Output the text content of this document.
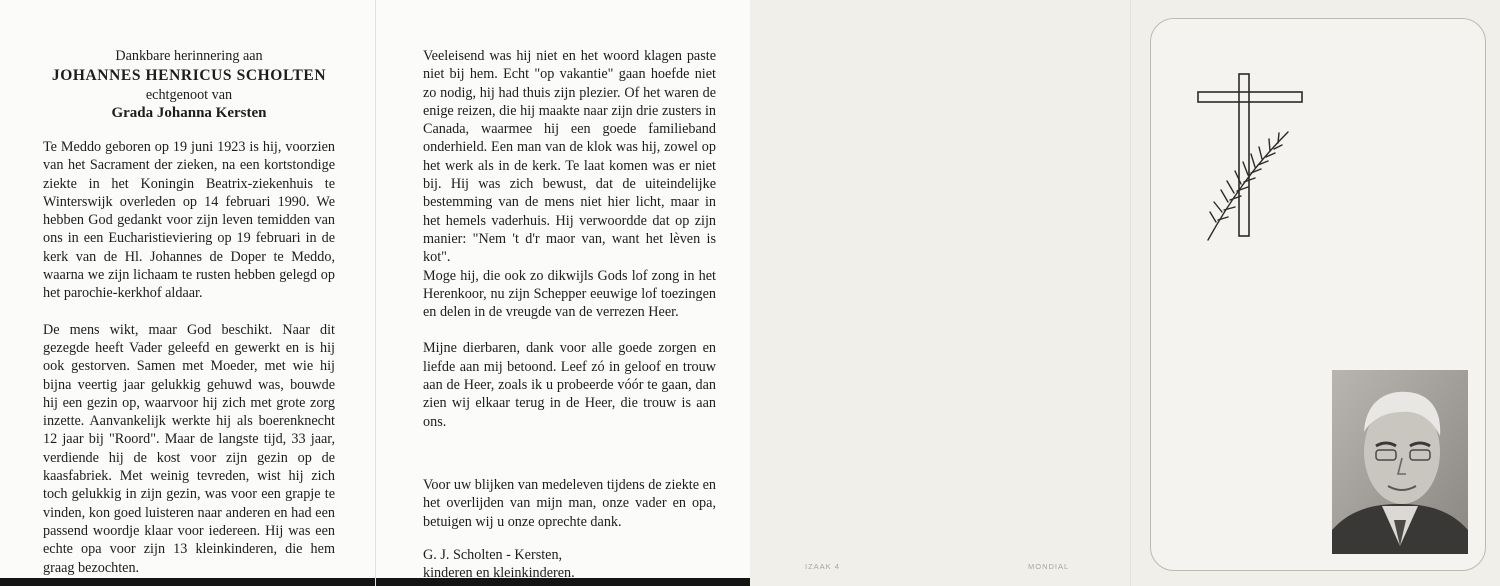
Dankbare herinnering aan

JOHANNES HENRICUS SCHOLTEN

echtgenoot van

Grada Johanna Kersten

Te Meddo geboren op 19 juni 1923 is hij, voorzien van het Sacrament der zieken, na een kortstondige ziekte in het Koningin Beatrix-ziekenhuis te Winterswijk overleden op 14 februari 1990. We hebben God gedankt voor zijn leven temidden van ons in een Eucharistieviering op 19 februari in de kerk van de Hl. Johannes de Doper te Meddo, waarna we zijn lichaam te rusten hebben gelegd op het parochie-kerkhof aldaar.

De mens wikt, maar God beschikt. Naar dit gezegde heeft Vader geleefd en gewerkt en is hij ook gestorven. Samen met Moeder, met wie hij bijna veertig jaar gelukkig gehuwd was, bouwde hij een gezin op, waarvoor hij zich met grote zorg inzette. Aanvankelijk werkte hij als boerenknecht 12 jaar bij "Roord". Maar de langste tijd, 33 jaar, verdiende hij de kost voor zijn gezin op de kaasfabriek. Met weinig tevreden, wist hij zich toch gelukkig in zijn gezin, was voor een grapje te vinden, kon goed luisteren naar anderen en had een passend woordje klaar voor iedereen. Hij was een echte opa voor zijn 13 kleinkinderen, die hem graag bezochten.

Veeleisend was hij niet en het woord klagen paste niet bij hem. Echt "op vakantie" gaan hoefde niet zo nodig, hij had thuis zijn plezier. Of het waren de enige reizen, die hij maakte naar zijn drie zusters in Canada, waarmee hij een goede familieband onderhield. Een man van de klok was hij, zowel op het werk als in de kerk. Te laat komen was er niet bij. Hij was zich bewust, dat de uiteindelijke bestemming van de mens niet hier licht, maar in het hemels vaderhuis. Hij verwoordde dat op zijn manier: "Nem 't d'r maor van, want het lèven is kot".

Moge hij, die ook zo dikwijls Gods lof zong in het Herenkoor, nu zijn Schepper eeuwige lof toezingen en delen in de vreugde van de verrezen Heer.

Mijne dierbaren, dank voor alle goede zorgen en liefde aan mij betoond. Leef zó in geloof en trouw aan de Heer, zoals ik u probeerde vóór te gaan, dan zien wij elkaar terug in de Heer, die trouw is aan ons.

Voor uw blijken van medeleven tijdens de ziekte en het overlijden van mijn man, onze vader en opa, betuigen wij u onze oprechte dank.

G. J. Scholten - Kersten,

kinderen en kleinkinderen.	IZAAK 4	MONDIAL
